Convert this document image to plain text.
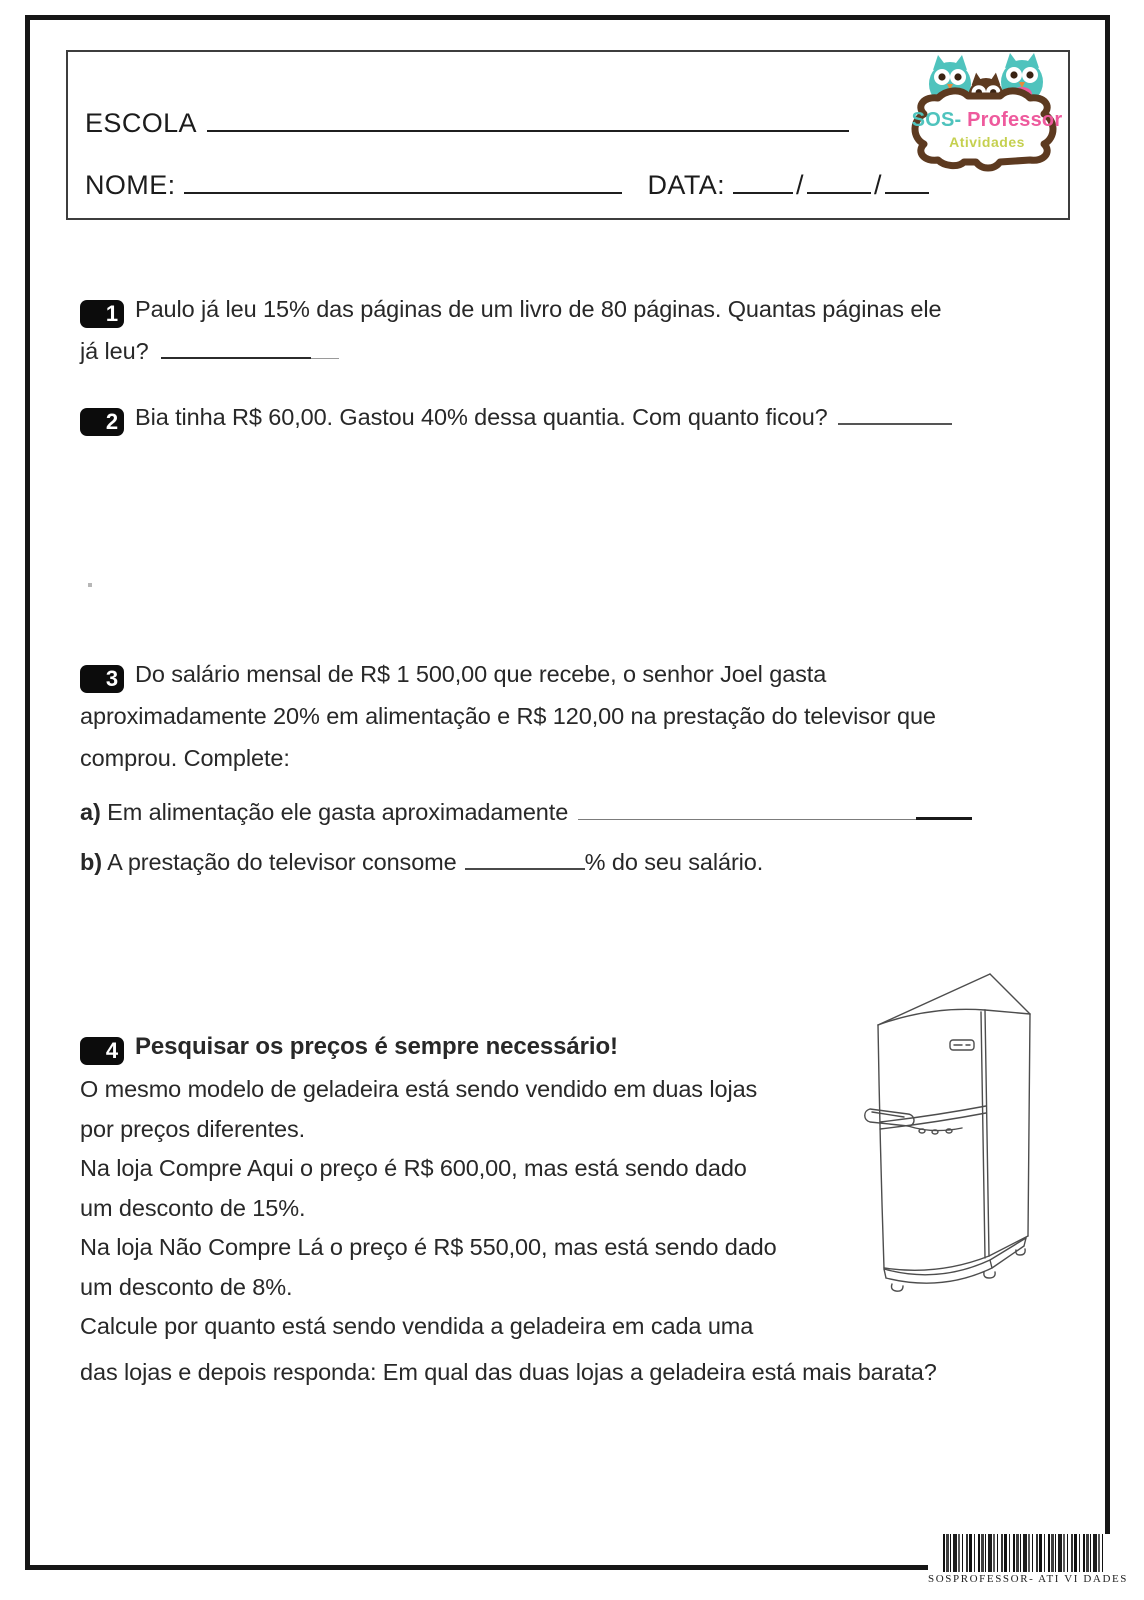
ESCOLA
NOME:	DATA:	/	/
SOS- Professor
Atividades
1 Paulo já leu 15% das páginas de um livro de 80 páginas. Quantas páginas ele
já leu?
2 Bia tinha R$ 60,00. Gastou 40% dessa quantia. Com quanto ficou?
3 Do salário mensal de R$ 1 500,00 que recebe, o senhor Joel gasta
aproximadamente 20% em alimentação e R$ 120,00 na prestação do televisor que
comprou. Complete:
a) Em alimentação ele gasta aproximadamente
b) A prestação do televisor consome	% do seu salário.
4 Pesquisar os preços é sempre necessário!
O mesmo modelo de geladeira está sendo vendido em duas lojas
por preços diferentes.
Na loja Compre Aqui o preço é R$ 600,00, mas está sendo dado
um desconto de 15%.
Na loja Não Compre Lá o preço é R$ 550,00, mas está sendo dado
um desconto de 8%.
Calcule por quanto está sendo vendida a geladeira em cada uma
das lojas e depois responda: Em qual das duas lojas a geladeira está mais barata?
SOSPROFESSOR- ATI VI DADES
